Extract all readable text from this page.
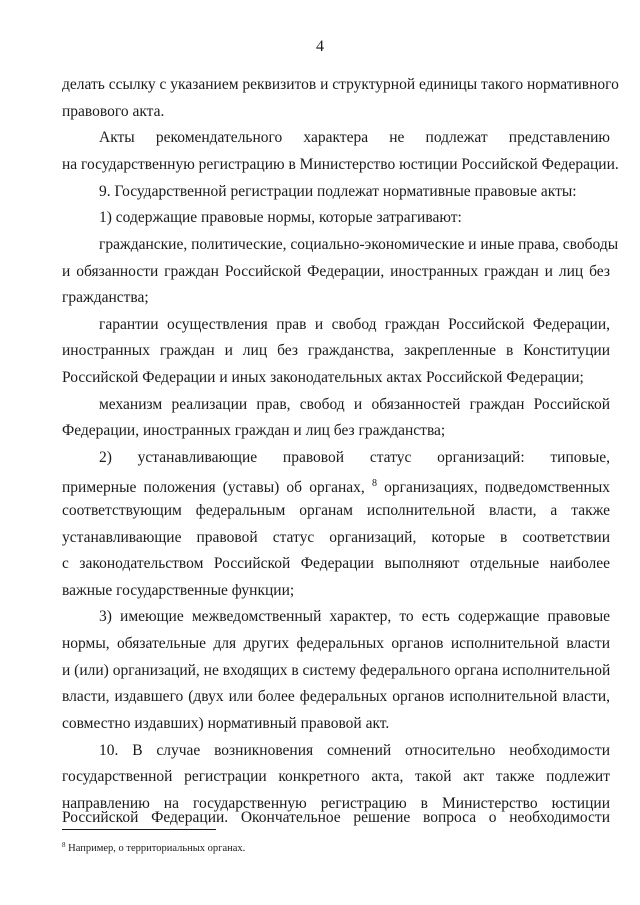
4
делать ссылку с указанием реквизитов и структурной единицы такого нормативного
правового акта.
Акты рекомендательного характера не подлежат представлению
на государственную регистрацию в Министерство юстиции Российской Федерации.
9. Государственной регистрации подлежат нормативные правовые акты:
1) содержащие правовые нормы, которые затрагивают:
гражданские, политические, социально-экономические и иные права, свободы
и обязанности граждан Российской Федерации, иностранных граждан и лиц без
гражданства;
гарантии осуществления прав и свобод граждан Российской Федерации,
иностранных граждан и лиц без гражданства, закрепленные в Конституции
Российской Федерации и иных законодательных актах Российской Федерации;
механизм реализации прав, свобод и обязанностей граждан Российской
Федерации, иностранных граждан и лиц без гражданства;
2) устанавливающие правовой статус организаций: типовые,
примерные положения (уставы) об органах, $^8$ организациях, подведомственных
соответствующим федеральным органам исполнительной власти, а также
устанавливающие правовой статус организаций, которые в соответствии
с законодательством Российской Федерации выполняют отдельные наиболее
важные государственные функции;
3) имеющие межведомственный характер, то есть содержащие правовые
нормы, обязательные для других федеральных органов исполнительной власти
и (или) организаций, не входящих в систему федерального органа исполнительной
власти, издавшего (двух или более федеральных органов исполнительной власти,
совместно издавших) нормативный правовой акт.
10. В случае возникновения сомнений относительно необходимости
государственной регистрации конкретного акта, такой акт также подлежит
направлению на государственную регистрацию в Министерство юстиции
Российской Федерации. Окончательное решение вопроса о необходимости
$^8$ Например, о территориальных органах.
